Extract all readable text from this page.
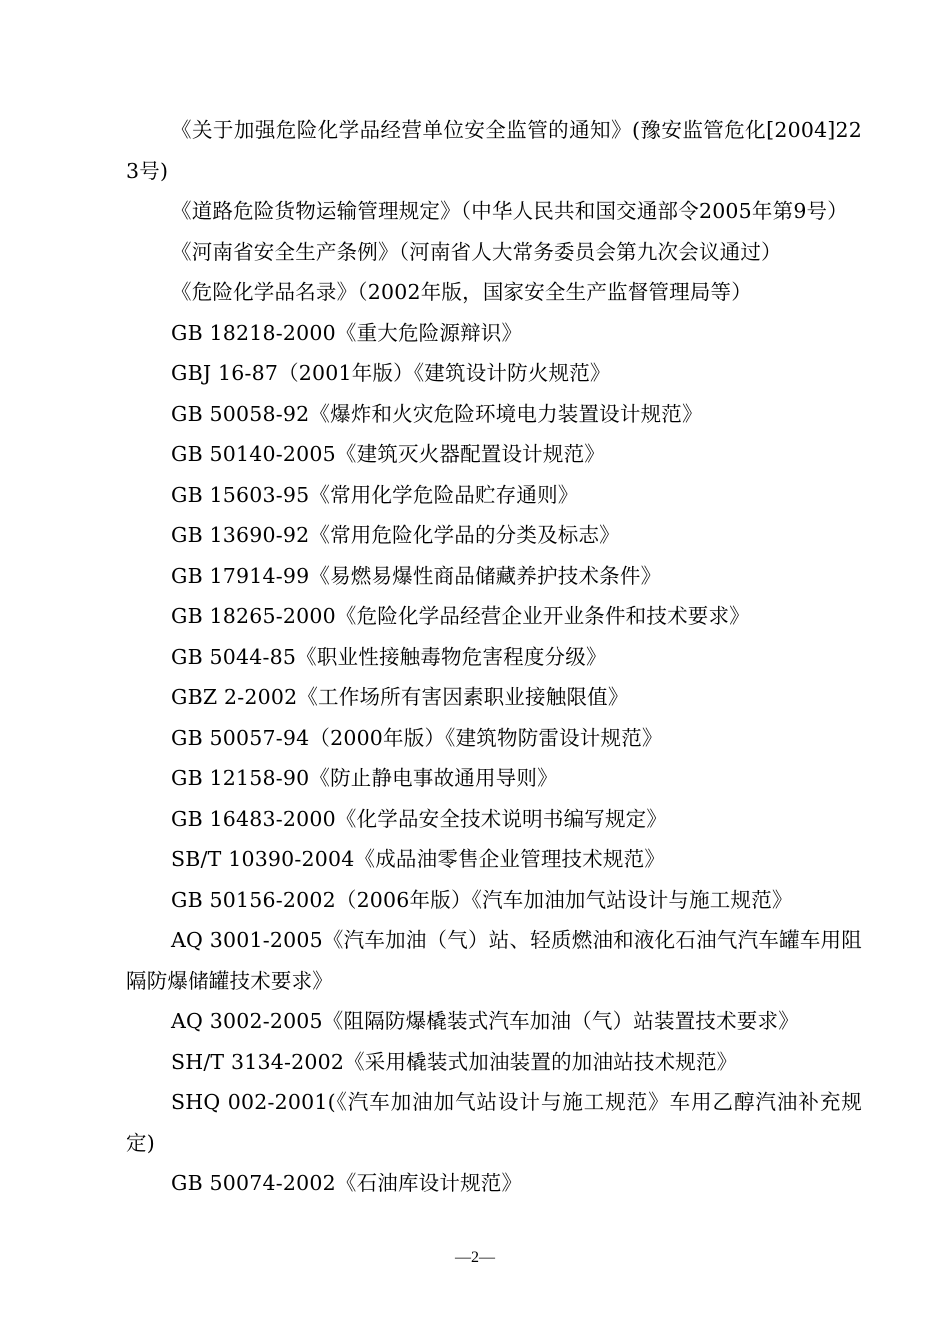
《关于加强危险化学品经营单位安全监管的通知》(豫安监管危化[2004]223号)

《道路危险货物运输管理规定》（中华人民共和国交通部令2005年第9号）

《河南省安全生产条例》（河南省人大常务委员会第九次会议通过）

《危险化学品名录》（2002年版，国家安全生产监督管理局等）

GB 18218-2000《重大危险源辩识》

GBJ 16-87（2001年版）《建筑设计防火规范》

GB 50058-92《爆炸和火灾危险环境电力装置设计规范》

GB 50140-2005《建筑灭火器配置设计规范》

GB 15603-95《常用化学危险品贮存通则》

GB 13690-92《常用危险化学品的分类及标志》

GB 17914-99《易燃易爆性商品储藏养护技术条件》

GB 18265-2000《危险化学品经营企业开业条件和技术要求》

GB 5044-85《职业性接触毒物危害程度分级》

GBZ 2-2002《工作场所有害因素职业接触限值》

GB 50057-94（2000年版）《建筑物防雷设计规范》

GB 12158-90《防止静电事故通用导则》

GB 16483-2000《化学品安全技术说明书编写规定》

SB/T 10390-2004《成品油零售企业管理技术规范》

GB 50156-2002（2006年版）《汽车加油加气站设计与施工规范》

AQ 3001-2005《汽车加油（气）站、轻质燃油和液化石油气汽车罐车用阻隔防爆储罐技术要求》

AQ 3002-2005《阻隔防爆橇装式汽车加油（气）站装置技术要求》

SH/T 3134-2002《采用橇装式加油装置的加油站技术规范》

SHQ 002-2001(《汽车加油加气站设计与施工规范》车用乙醇汽油补充规定)

GB 50074-2002《石油库设计规范》

—2—
